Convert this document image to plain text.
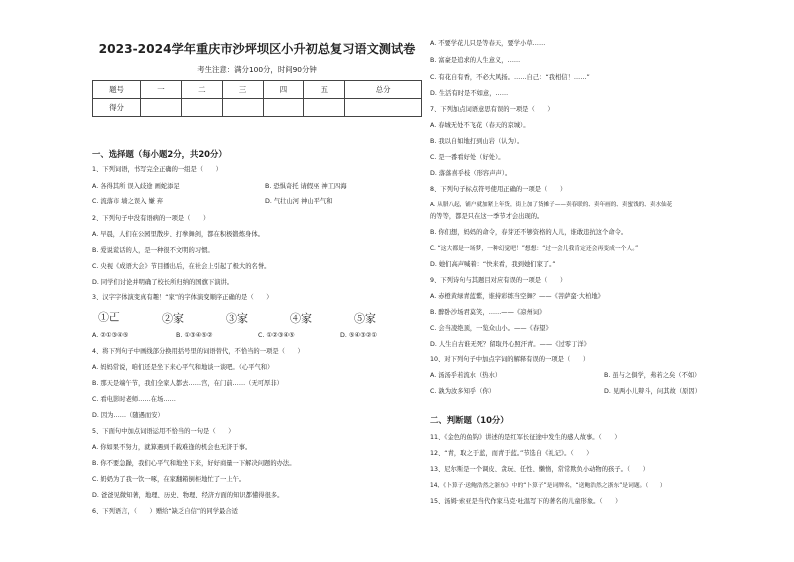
2023-2024学年重庆市沙坪坝区小升初总复习语文测试卷
考生注意：满分100分，时间90分钟
题号	一	二	三	四	五	总分
得分						
一、选择题（每小题2分，共20分）
1、下列词语，书写完全正确的一组是（　　）
A. 各得其所 误入歧途 画蛇添足	B. 恐惧奇托 请假巫 神工四海
C. 流落市 墙之误入 嫌 弃	D. 气壮山河 神山平气和
2、下列句子中没有语病的一项是（　　）
A. 早晨，人们在公园里散步、打拳舞剑，都在积极锻炼身体。
B. 爱说谎话的人，是一种很不文明的习惯。
C. 央视《成语大会》节目播出后，在社会上引起了极大的名誉。
D. 同学们讨论并明确了校长所归纳的国旗下演讲。
3、汉字字体演变真有趣！“家”的字体演变顺序正确的是（　　）
①𠀀	②家	③家	④家	⑤家
A. ②①③④⑤	B. ①③④⑤②	C. ①②③④⑤	D. ⑤④③②①
4、将下列句子中画线部分换用括号里的词语替代，不恰当的一项是（　　）
A. 妈妈常说，咱们还是坐下来心平气和地谈一谈吧。（心平气和）
B. 那天是端午节，我们全家人都去……宫，在门前……（无可厚非）
C. 看电影时老师……在场……
D. 因为……（随遇而安）
5、下面句中加点词语运用不恰当的一句是（　　）
A. 你如果不努力，就算遇到千载难逢的机会也无济于事。
B. 你不要急躁，我们心平气和地坐下来，好好商量一下解决问题的办法。
C. 奶奶为了我一饮一啄，在家翻箱倒柜地忙了一上午。
D. 爸爸见微知著，地理、历史、物理、经济方面的知识都懂得很多。
6、下列语言，（　　）赠给“缺乏自信”的同学最合适
A. 不要学花儿只是等春天，要学小草……
B. 富豪是追求的人生意义，……
C. 有花自有香，不必大风扬。……自己：“我相信！……”
D. 生活有时是不如意，……
7、下列加点词语意思有误的一项是（　　）
A. 春城无处不飞花（春天的京城）。
B. 我以自如地打到山岩（认为）。
C. 是一番看好处（好处）。
D. 落落喜乎枝（形容声声）。
8、下列句子标点符号使用正确的一项是（　　）
A. 从腊八起，铺户就加紧上年货，街上加了货摊子——卖春联的、卖年画的、卖蜜饯的、卖水仙花
的等等，都是只在这一季节才会出现的。
B. 你们想，妈妈的命令，春芽还不够资格的人儿，谁敢违抗这个命令。
C. “这大都是一场梦，一种幻觉吧！”想想：“过一会儿我肯定还会再变成一个人。”
D. 她们高声喊着：“快来看，我到她们家了。”
9、下列诗句与其题目对应有误的一项是（　　）
A. 赤橙黄绿青蓝紫，谁持彩练当空舞？——《菩萨蛮·大柏地》
B. 醉卧沙场君莫笑，……——《凉州词》
C. 会当凌绝顶，一览众山小。——《春望》
D. 人生自古谁无死？留取丹心照汗青。——《过零丁洋》
10、对下列句子中加点字词的解释有误的一项是（　　）
A. 汤汤乎若流水（热水）	B. 虽与之俱学，弗若之矣（不如）
C. 孰为汝多知乎（你）	D. 见两小儿辩斗，问其故（原因）
二、判断题（10分）
11、《金色的鱼钩》讲述的是红军长征途中发生的感人故事。（　　）
12、“青，取之于蓝，而青于蓝。”节选自《礼记》。（　　）
13、尼尔斯是一个调皮、贪玩、任性、懒惰，常常欺负小动物的孩子。（　　）
14、《卜算子·送鲍浩然之浙东》中的“卜算子”是词牌名，“送鲍浩然之浙东”是词题。（　　）
15、汤姆·索亚是当代作家马克·吐温写下的著名的儿童形象。（　　）
